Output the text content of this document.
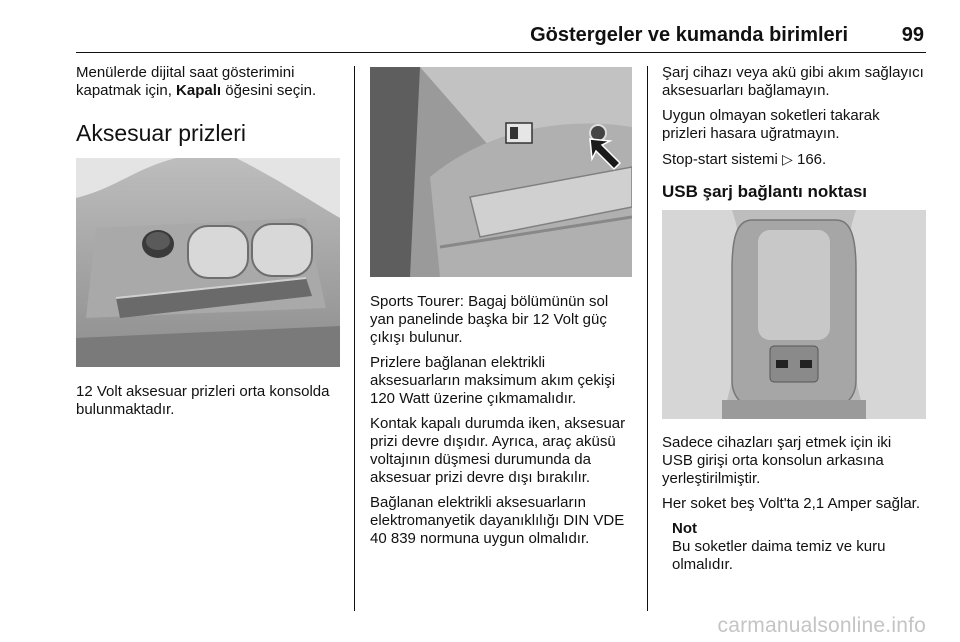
Göstergeler ve kumanda birimleri	99

Menülerde dijital saat gösterimini
kapatmak için, Kapalı öğesini seçin.

Aksesuar prizleri

12 Volt aksesuar prizleri orta konsolda bulunmaktadır.

Sports Tourer: Bagaj bölümünün sol yan panelinde başka bir 12 Volt güç çıkışı bulunur.

Prizlere bağlanan elektrikli aksesuarların maksimum akım çekişi 120 Watt üzerine çıkmamalıdır.

Kontak kapalı durumda iken, aksesuar prizi devre dışıdır. Ayrıca, araç aküsü voltajının düşmesi durumunda da aksesuar prizi devre dışı bırakılır.

Bağlanan elektrikli aksesuarların elektromanyetik dayanıklılığı DIN VDE 40 839 normuna uygun olmalıdır.

Şarj cihazı veya akü gibi akım sağlayıcı aksesuarları bağlamayın.

Uygun olmayan soketleri takarak prizleri hasara uğratmayın.

Stop-start sistemi ▷ 166.

USB şarj bağlantı noktası

Sadece cihazları şarj etmek için iki USB girişi orta konsolun arkasına yerleştirilmiştir.

Her soket beş Volt'ta 2,1 Amper sağlar.

Not
Bu soketler daima temiz ve kuru olmalıdır.
carmanualsonline.info
